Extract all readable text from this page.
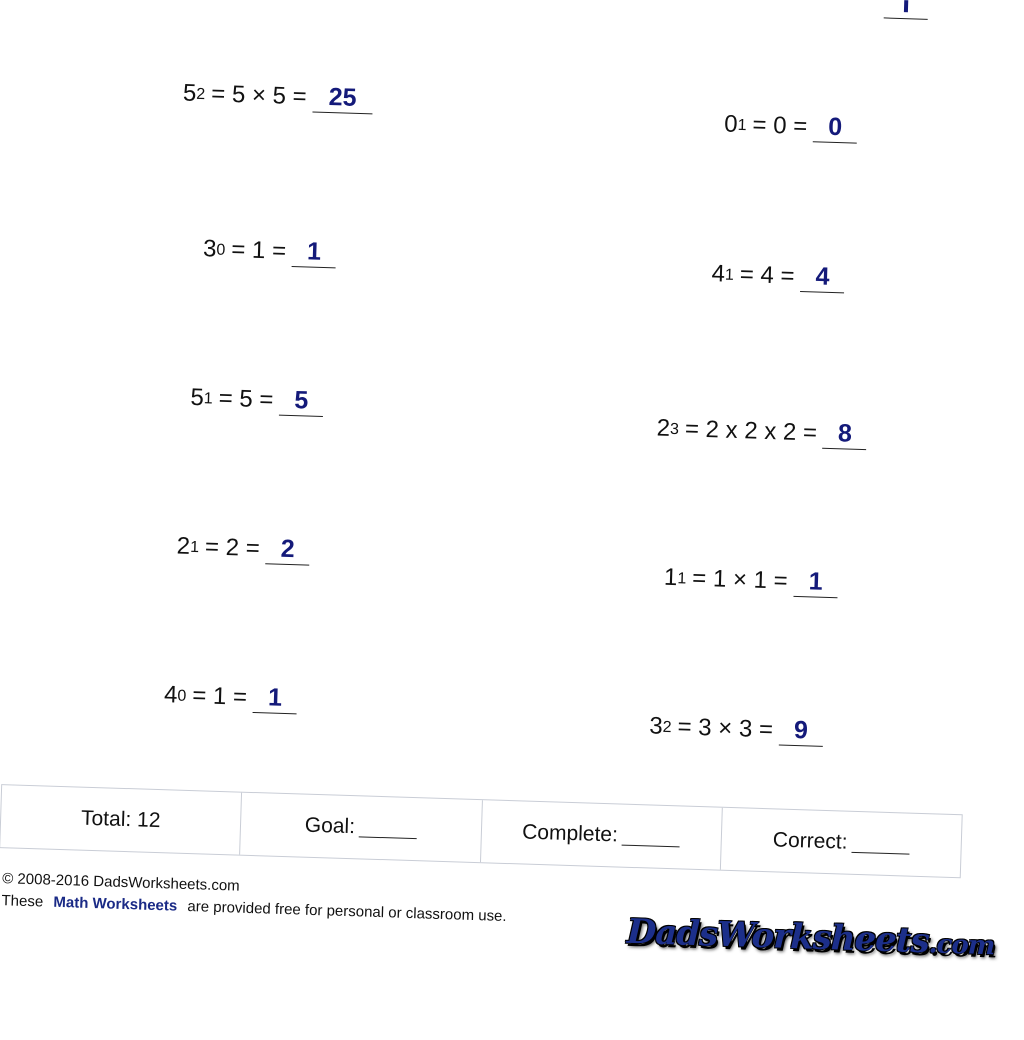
$5^2 = 5 \times 5 = 25$
$3^0 = 1 = 1$
$5^1 = 5 = 5$
$2^1 = 2 = 2$
$4^0 = 1 = 1$
$0^1 = 0 = 0$
$4^1 = 4 = 4$
$2^3 = 2$ x 2 x 2 = 8
$1^1 = 1 \times 1 = 1$
$3^2 = 3 \times 3 = 9$
Total: 12	Goal:	Complete:	Correct:
© 2008-2016 DadsWorksheets.com
These Math Worksheets are provided free for personal or classroom use.
DadsWorksheets.com
